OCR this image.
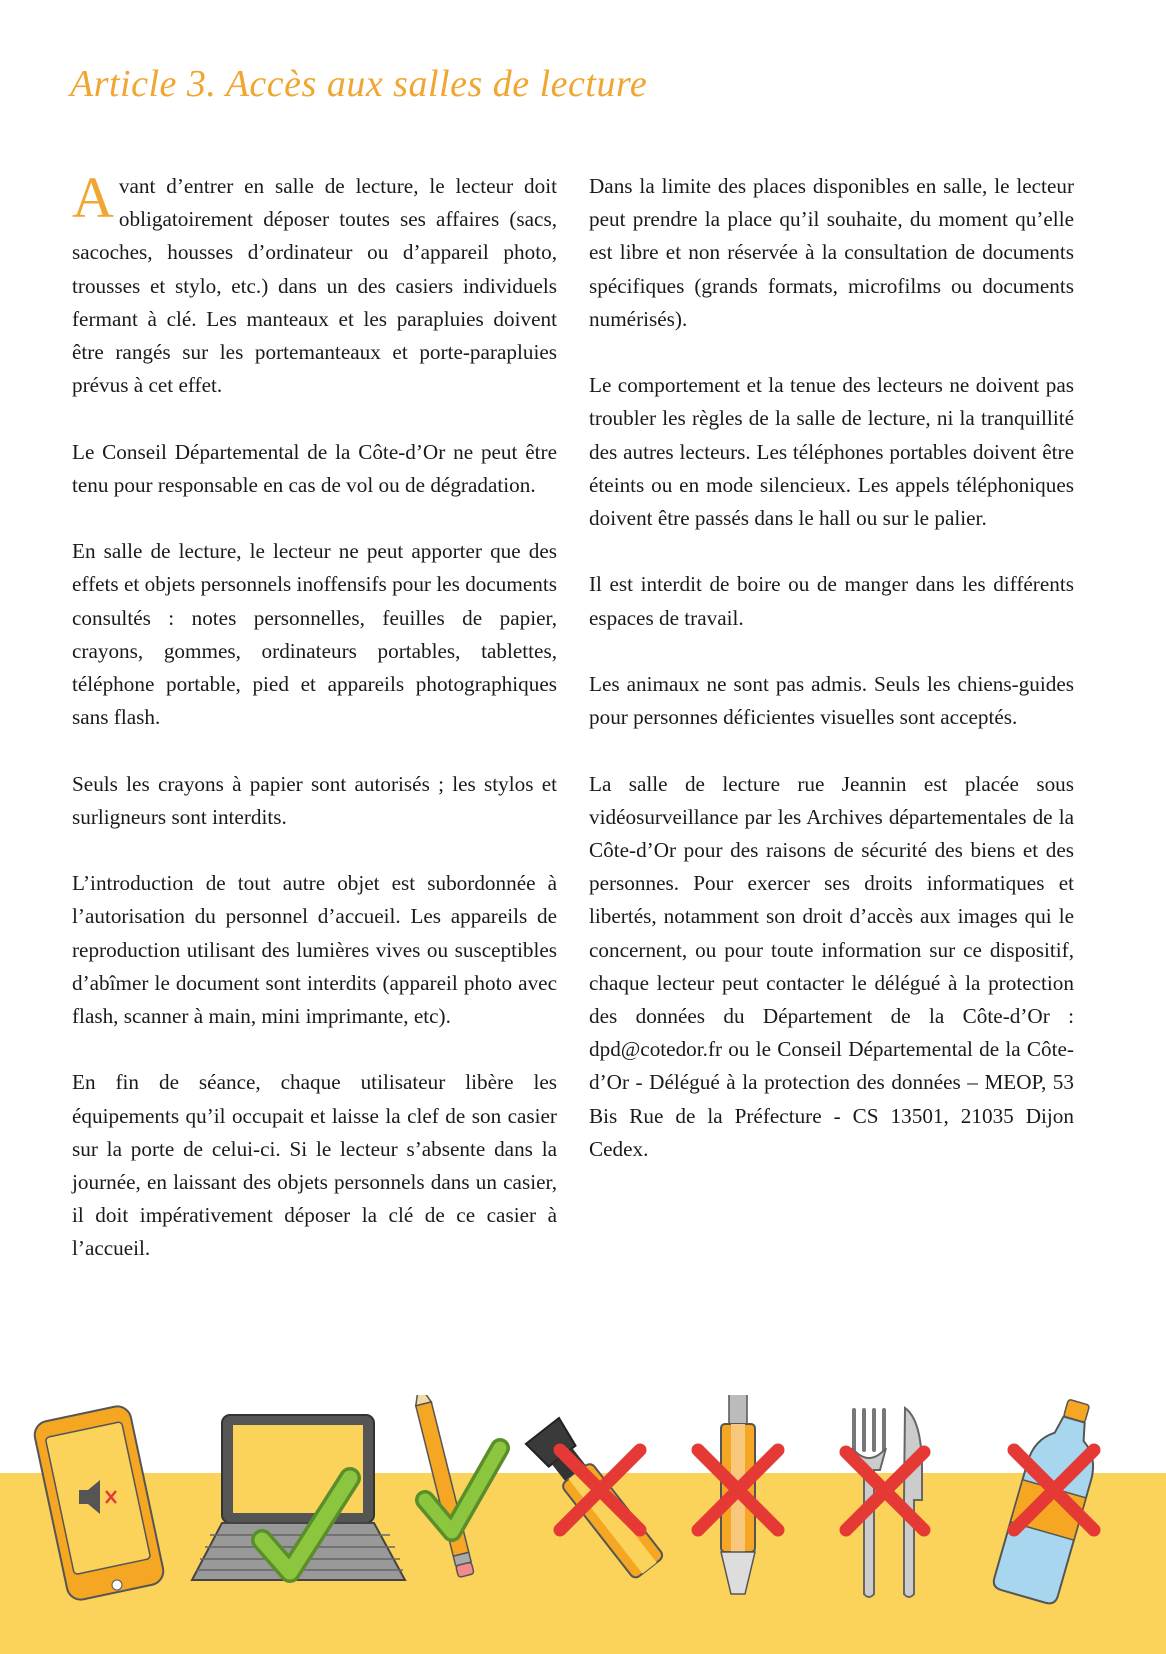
Article 3. Accès aux salles de lecture

Avant d’entrer en salle de lecture, le lecteur doit obligatoirement déposer toutes ses affaires (sacs, sacoches, housses d’ordinateur ou d’appareil photo, trousses et stylo, etc.) dans un des casiers individuels fermant à clé. Les manteaux et les parapluies doivent être rangés sur les portemanteaux et porte-parapluies prévus à cet effet.

Le Conseil Départemental de la Côte-d’Or ne peut être tenu pour responsable en cas de vol ou de dégradation.

En salle de lecture, le lecteur ne peut apporter que des effets et objets personnels inoffensifs pour les documents consultés : notes personnelles, feuilles de papier, crayons, gommes, ordinateurs portables, tablettes, téléphone portable, pied et appareils photographiques sans flash.

Seuls les crayons à papier sont autorisés ; les stylos et surligneurs sont interdits.

L’introduction de tout autre objet est subordonnée à l’autorisation du personnel d’accueil. Les appareils de reproduction utilisant des lumières vives ou susceptibles d’abîmer le document sont interdits (appareil photo avec flash, scanner à main, mini imprimante, etc).

En fin de séance, chaque utilisateur libère les équipements qu’il occupait et laisse la clef de son casier sur la porte de celui-ci. Si le lecteur s’absente dans la journée, en laissant des objets personnels dans un casier, il doit impérativement déposer la clé de ce casier à l’accueil.

Dans la limite des places disponibles en salle, le lecteur peut prendre la place qu’il souhaite, du moment qu’elle est libre et non réservée à la consultation de documents spécifiques (grands formats, microfilms ou documents numérisés).

Le comportement et la tenue des lecteurs ne doivent pas troubler les règles de la salle de lecture, ni la tranquillité des autres lecteurs. Les téléphones portables doivent être éteints ou en mode silencieux. Les appels téléphoniques doivent être passés dans le hall ou sur le palier.

Il est interdit de boire ou de manger dans les différents espaces de travail.

Les animaux ne sont pas admis. Seuls les chiens-guides pour personnes déficientes visuelles sont acceptés.

La salle de lecture rue Jeannin est placée sous vidéosurveillance par les Archives départementales de la Côte-d’Or pour des raisons de sécurité des biens et des personnes. Pour exercer ses droits informatiques et libertés, notamment son droit d’accès aux images qui le concernent, ou pour toute information sur ce dispositif, chaque lecteur peut contacter le délégué à la protection des données du Département de la Côte-d’Or : dpd@cotedor.fr ou le Conseil Départemental de la Côte-d’Or - Délégué à la protection des données – MEOP, 53 Bis Rue de la Préfecture - CS 13501, 21035 Dijon Cedex.
